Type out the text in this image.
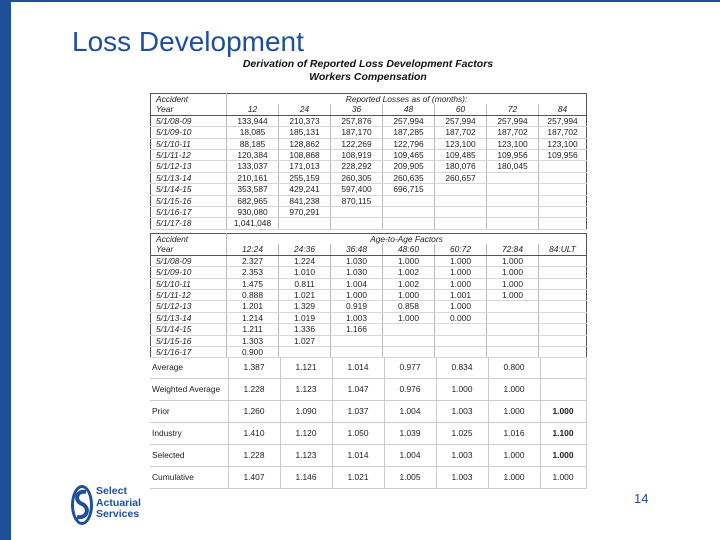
Loss Development
Derivation of Reported Loss Development Factors
Workers Compensation
Accident	Reported Losses as of (months):						
Year	12	24	36	48	60	72	84
5/1/08-09	133,944	210,373	257,876	257,994	257,994	257,994	257,994
5/1/09-10	18,085	185,131	187,170	187,285	187,702	187,702	187,702
5/1/10-11	88,185	128,862	122,269	122,796	123,100	123,100	123,100
5/1/11-12	120,384	108,868	108,919	109,465	109,485	109,956	109,956
5/1/12-13	133,037	171,013	228,292	209,905	180,076	180,045	
5/1/13-14	210,161	255,159	260,305	260,635	260,657		
5/1/14-15	353,587	429,241	597,400	696,715			
5/1/15-16	682,965	841,238	870,115				
5/1/16-17	930,080	970,291					
5/1/17-18	1,041,048						
Accident	Age-to-Age Factors						
Year	12:24	24:36	36:48	48:60	60:72	72:84	84:ULT
5/1/08-09	2.327	1.224	1.030	1.000	1.000	1.000	
5/1/09-10	2.353	1.010	1.030	1.002	1.000	1.000	
5/1/10-11	1.475	0.811	1.004	1.002	1.000	1.000	
5/1/11-12	0.888	1.021	1.000	1.000	1.001	1.000	
5/1/12-13	1.201	1.329	0.919	0.858	1.000		
5/1/13-14	1.214	1.019	1.003	1.000	0.000		
5/1/14-15	1.211	1.336	1.166				
5/1/15-16	1.303	1.027					
5/1/16-17	0.900						
Average	1.387	1.121	1.014	0.977	0.834	0.800	
Weighted Average	1.228	1.123	1.047	0.976	1.000	1.000	
Prior	1.260	1.090	1.037	1.004	1.003	1.000	1.000
Industry	1.410	1.120	1.050	1.039	1.025	1.016	1.100
Selected	1.228	1.123	1.014	1.004	1.003	1.000	1.000
Cumulative	1.407	1.146	1.021	1.005	1.003	1.000	1.000
Select
Actuarial
Services
14
